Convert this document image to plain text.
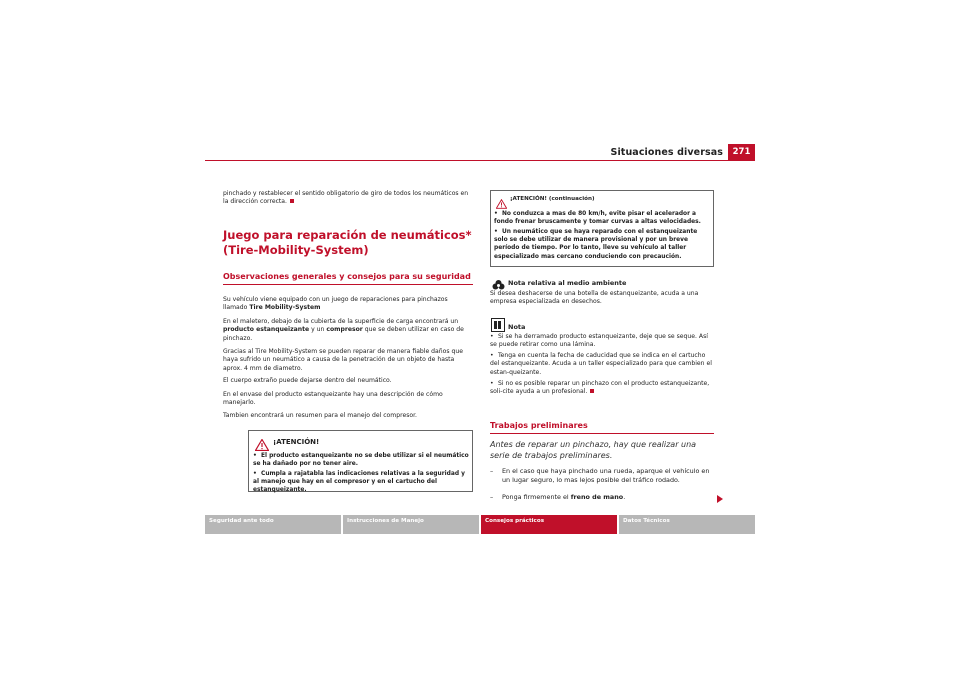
Situaciones diversas	271
pinchado y restablecer el sentido obligatorio de giro de todos los neumáticos en la dirección correcta.
Juego para reparación de neumáticos* (Tire-Mobility-System)
Observaciones generales y consejos para su seguridad
Su vehículo viene equipado con un juego de reparaciones para pinchazos llamado Tire Mobility-System
En el maletero, debajo de la cubierta de la superficie de carga encontrará un producto estanqueizante y un compresor que se deben utilizar en caso de pinchazo.
Gracias al Tire Mobility-System se pueden reparar de manera fiable daños que haya sufrido un neumático a causa de la penetración de un objeto de hasta aprox. 4 mm de diametro.
El cuerpo extraño puede dejarse dentro del neumático.
En el envase del producto estanqueizante hay una descripción de cómo manejarlo.
Tambien encontrará un resumen para el manejo del compresor.
¡ATENCIÓN!
• El producto estanqueizante no se debe utilizar si el neumático se ha dañado por no tener aire.
• Cumpla a rajatabla las indicaciones relativas a la seguridad y al manejo que hay en el compresor y en el cartucho del estanqueizante.
¡ATENCIÓN! (continuación)
• No conduzca a mas de 80 km/h, evite pisar el acelerador a fondo frenar bruscamente y tomar curvas a altas velocidades.
• Un neumático que se haya reparado con el estanqueizante solo se debe utilizar de manera provisional y por un breve período de tiempo. Por lo tanto, lleve su vehículo al taller especializado mas cercano conduciendo con precaución.
Nota relativa al medio ambiente
Si desea deshacerse de una botella de estanqueizante, acuda a una empresa especializada en desechos.
Nota
• Si se ha derramado producto estanqueizante, deje que se seque. Así se puede retirar como una lámina.
• Tenga en cuenta la fecha de caducidad que se indica en el cartucho del estanqueizante. Acuda a un taller especializado para que cambien el estan-queizante.
• Si no es posible reparar un pinchazo con el producto estanqueizante, soli-cite ayuda a un profesional.
Trabajos preliminares
Antes de reparar un pinchazo, hay que realizar una serie de trabajos preliminares.
–	En el caso que haya pinchado una rueda, aparque el vehículo en un lugar seguro, lo mas lejos posible del tráfico rodado.
–	Ponga firmemente el freno de mano.
Seguridad ante todo	Instrucciones de Manejo	Consejos prácticos	Datos Técnicos
